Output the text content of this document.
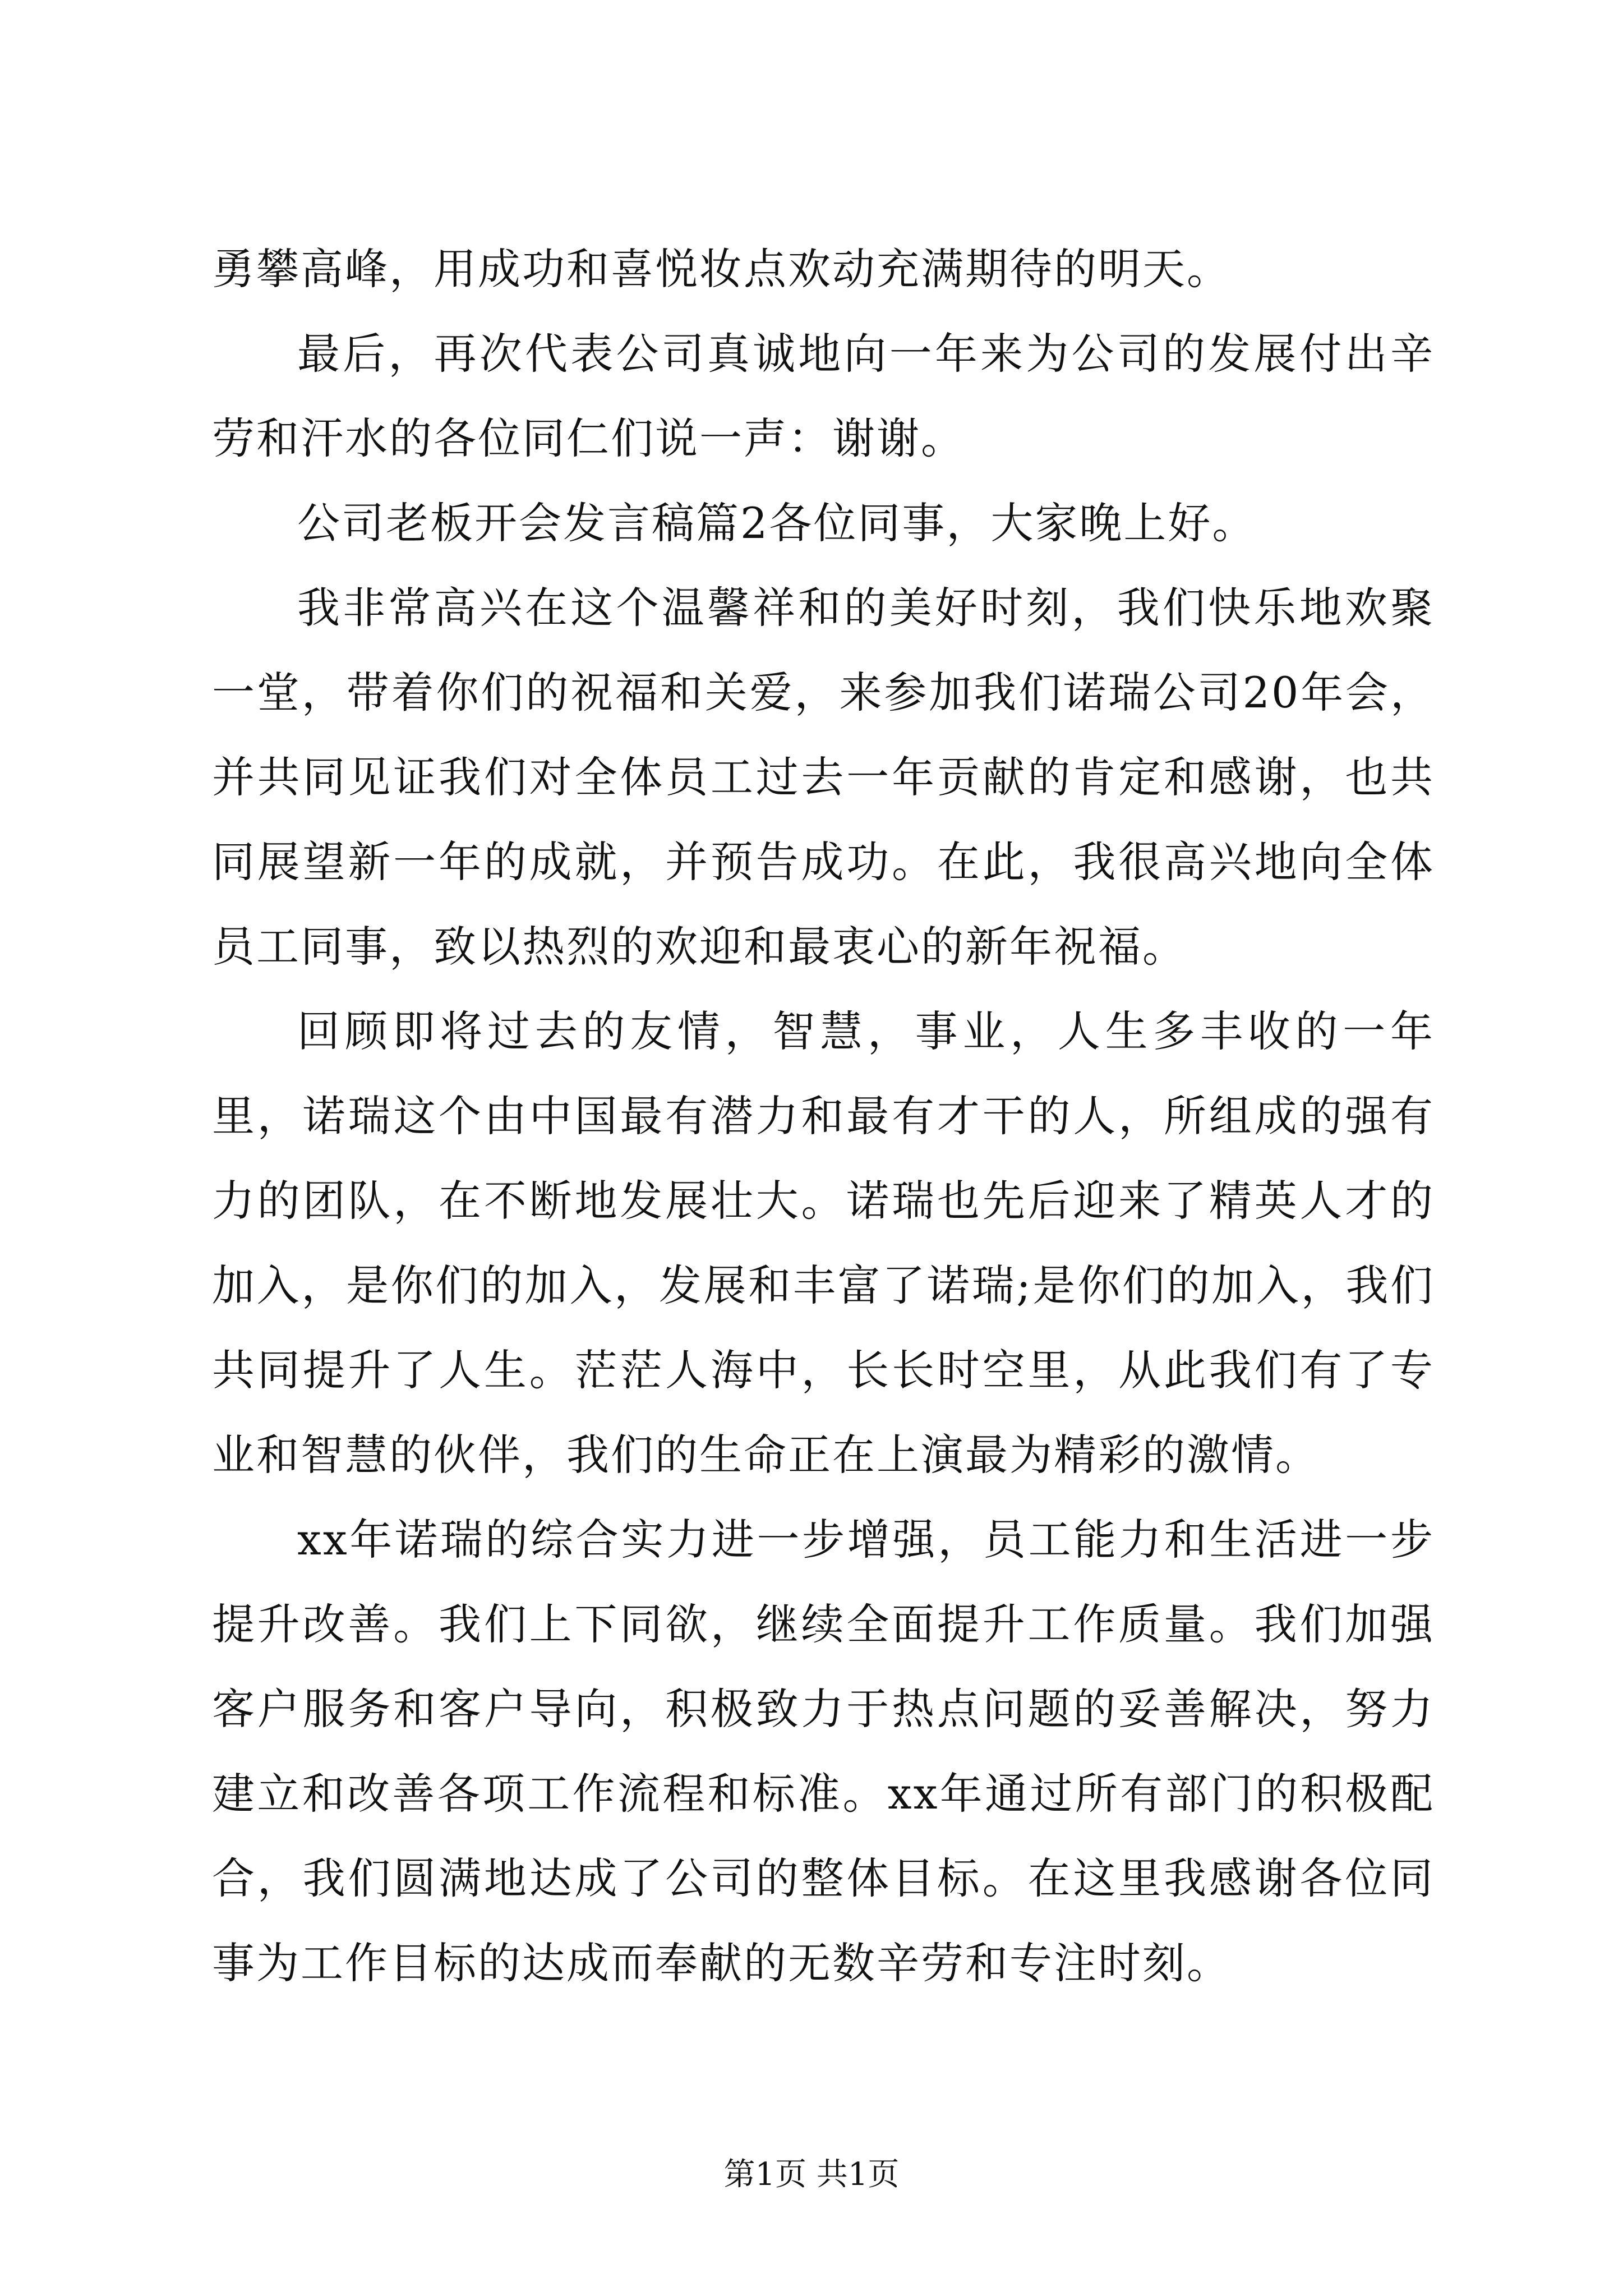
勇攀高峰，用成功和喜悦妆点欢动充满期待的明天。

最后，再次代表公司真诚地向一年来为公司的发展付出辛劳和汗水的各位同仁们说一声：谢谢。

公司老板开会发言稿篇2各位同事，大家晚上好。

我非常高兴在这个温馨祥和的美好时刻，我们快乐地欢聚一堂，带着你们的祝福和关爱，来参加我们诺瑞公司20年会，并共同见证我们对全体员工过去一年贡献的肯定和感谢，也共同展望新一年的成就，并预告成功。在此，我很高兴地向全体员工同事，致以热烈的欢迎和最衷心的新年祝福。

回顾即将过去的友情，智慧，事业，人生多丰收的一年里，诺瑞这个由中国最有潜力和最有才干的人，所组成的强有力的团队，在不断地发展壮大。诺瑞也先后迎来了精英人才的加入，是你们的加入，发展和丰富了诺瑞;是你们的加入，我们共同提升了人生。茫茫人海中，长长时空里，从此我们有了专业和智慧的伙伴，我们的生命正在上演最为精彩的激情。

xx年诺瑞的综合实力进一步增强，员工能力和生活进一步提升改善。我们上下同欲，继续全面提升工作质量。我们加强客户服务和客户导向，积极致力于热点问题的妥善解决，努力建立和改善各项工作流程和标准。xx年通过所有部门的积极配合，我们圆满地达成了公司的整体目标。在这里我感谢各位同事为工作目标的达成而奉献的无数辛劳和专注时刻。

第1页 共1页
